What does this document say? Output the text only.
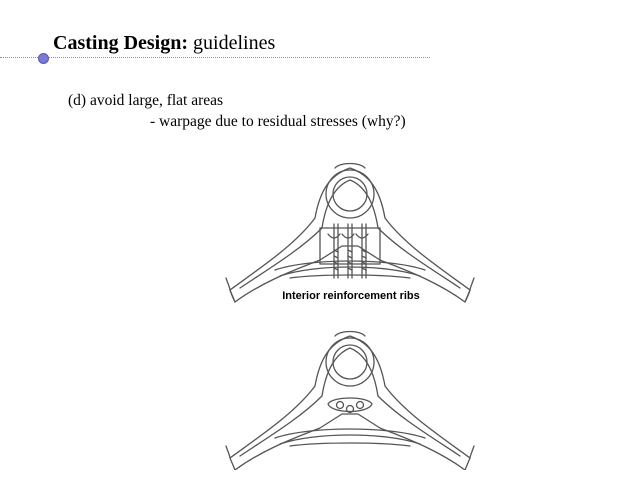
Casting Design: guidelines
(d) avoid large, flat areas
- warpage due to residual stresses (why?)
Interior reinforcement ribs
